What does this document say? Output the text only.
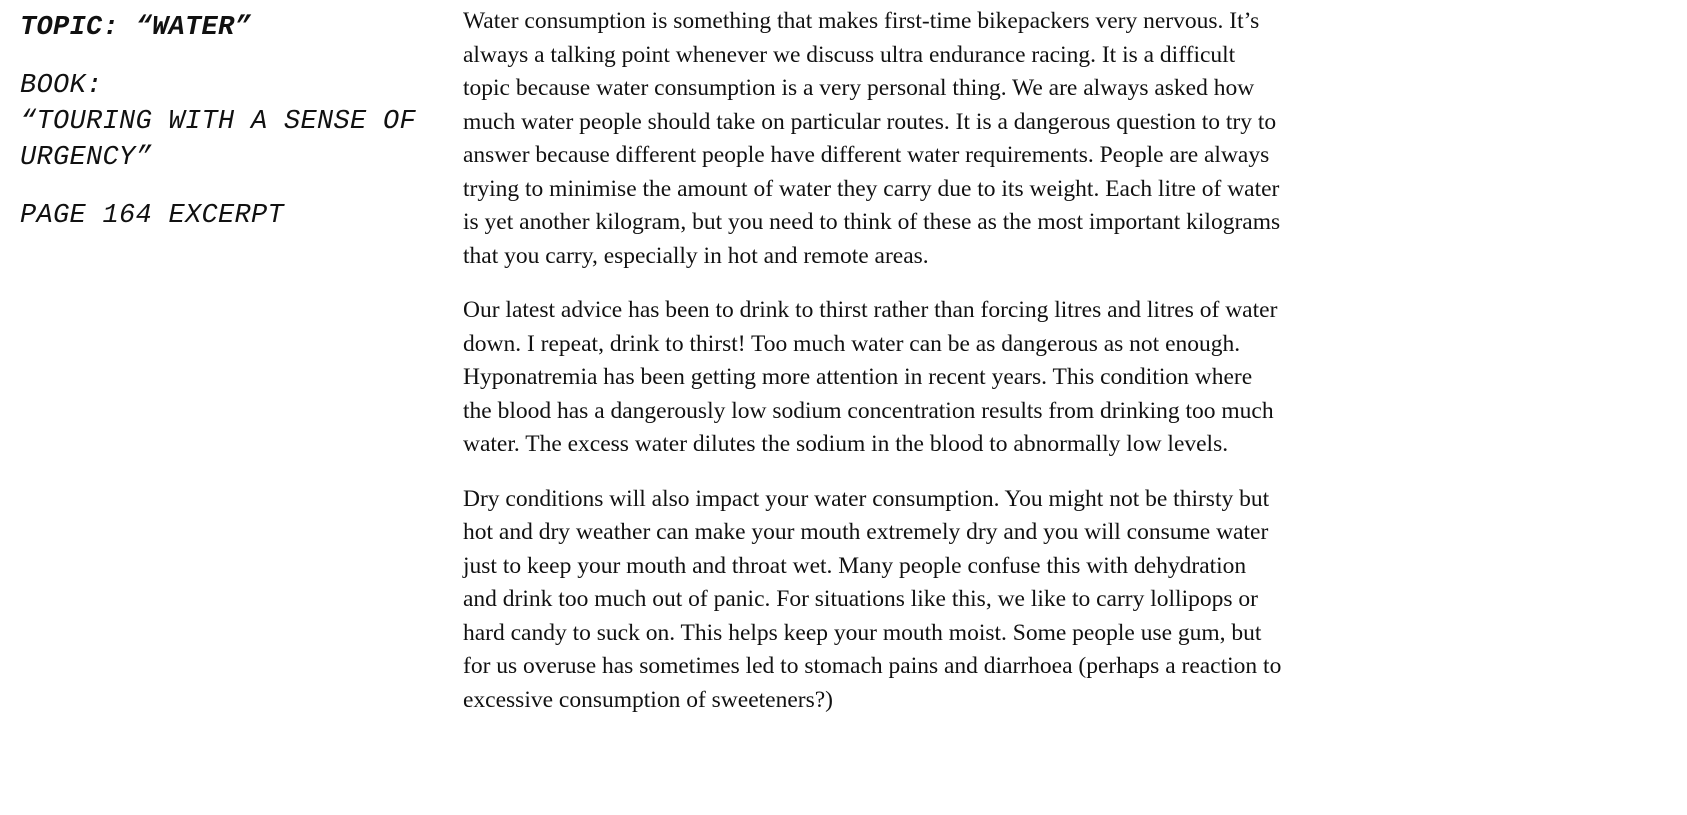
TOPIC: “WATER”
BOOK:
“TOURING WITH A SENSE OF URGENCY”
PAGE 164 EXCERPT

Water consumption is something that makes first-time bikepackers very nervous. It’s always a talking point whenever we discuss ultra endurance racing. It is a difficult topic because water consumption is a very personal thing. We are always asked how much water people should take on particular routes. It is a dangerous question to try to answer because different people have different water requirements. People are always trying to minimise the amount of water they carry due to its weight. Each litre of water is yet another kilogram, but you need to think of these as the most important kilograms that you carry, especially in hot and remote areas.

Our latest advice has been to drink to thirst rather than forcing litres and litres of water down. I repeat, drink to thirst! Too much water can be as dangerous as not enough. Hyponatremia has been getting more attention in recent years. This condition where the blood has a dangerously low sodium concentration results from drinking too much water. The excess water dilutes the sodium in the blood to abnormally low levels.

Dry conditions will also impact your water consumption. You might not be thirsty but hot and dry weather can make your mouth extremely dry and you will consume water just to keep your mouth and throat wet. Many people confuse this with dehydration and drink too much out of panic. For situations like this, we like to carry lollipops or hard candy to suck on. This helps keep your mouth moist. Some people use gum, but for us overuse has sometimes led to stomach pains and diarrhoea (perhaps a reaction to excessive consumption of sweeteners?)
